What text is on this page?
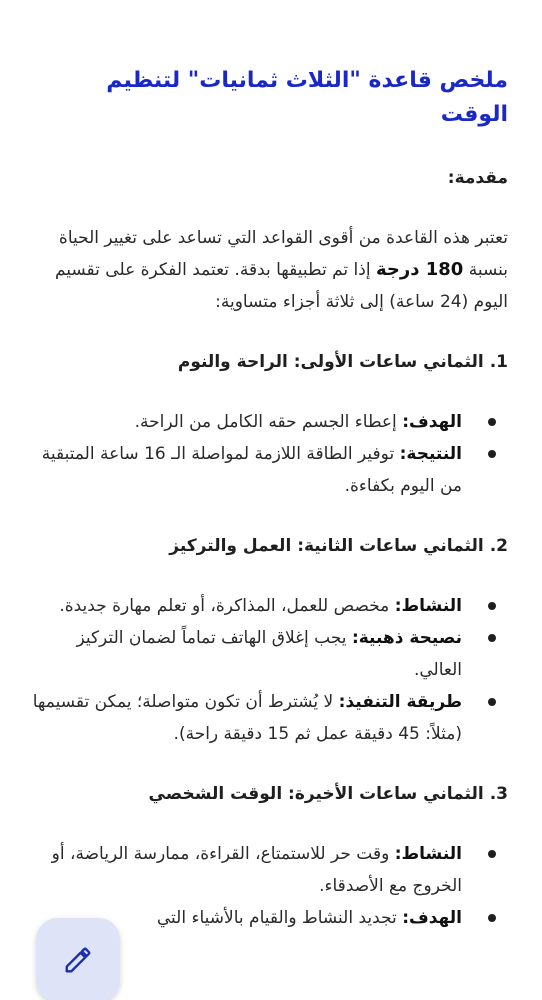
ملخص قاعدة "الثلاث ثمانيات" لتنظيم الوقت
مقدمة:

تعتبر هذه القاعدة من أقوى القواعد التي تساعد على تغيير الحياة بنسبة 180 درجة إذا تم تطبيقها بدقة. تعتمد الفكرة على تقسيم اليوم (24 ساعة) إلى ثلاثة أجزاء متساوية:

1.الثماني ساعات الأولى: الراحة والنوم
الهدف: إعطاء الجسم حقه الكامل من الراحة.
النتيجة: توفير الطاقة اللازمة لمواصلة الـ 16 ساعة المتبقية من اليوم بكفاءة.
2.الثماني ساعات الثانية: العمل والتركيز
النشاط: مخصص للعمل، المذاكرة، أو تعلم مهارة جديدة.
نصيحة ذهبية: يجب إغلاق الهاتف تماماً لضمان التركيز العالي.
طريقة التنفيذ: لا يُشترط أن تكون متواصلة؛ يمكن تقسيمها (مثلاً: 45 دقيقة عمل ثم 15 دقيقة راحة).
3.الثماني ساعات الأخيرة: الوقت الشخصي
النشاط: وقت حر للاستمتاع، القراءة، ممارسة الرياضة، أو الخروج مع الأصدقاء.
الهدف: تجديد النشاط والقيام بالأشياء التي
